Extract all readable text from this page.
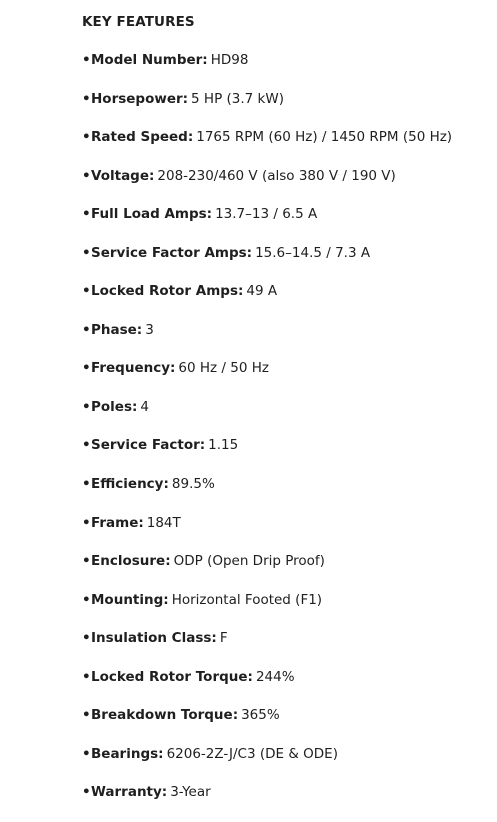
KEY FEATURES
•Model Number: HD98
•Horsepower: 5 HP (3.7 kW)
•Rated Speed: 1765 RPM (60 Hz) / 1450 RPM (50 Hz)
•Voltage: 208-230/460 V (also 380 V / 190 V)
•Full Load Amps: 13.7–13 / 6.5 A
•Service Factor Amps: 15.6–14.5 / 7.3 A
•Locked Rotor Amps: 49 A
•Phase: 3
•Frequency: 60 Hz / 50 Hz
•Poles: 4
•Service Factor: 1.15
•Efficiency: 89.5%
•Frame: 184T
•Enclosure: ODP (Open Drip Proof)
•Mounting: Horizontal Footed (F1)
•Insulation Class: F
•Locked Rotor Torque: 244%
•Breakdown Torque: 365%
•Bearings: 6206-2Z-J/C3 (DE & ODE)
•Warranty: 3-Year
